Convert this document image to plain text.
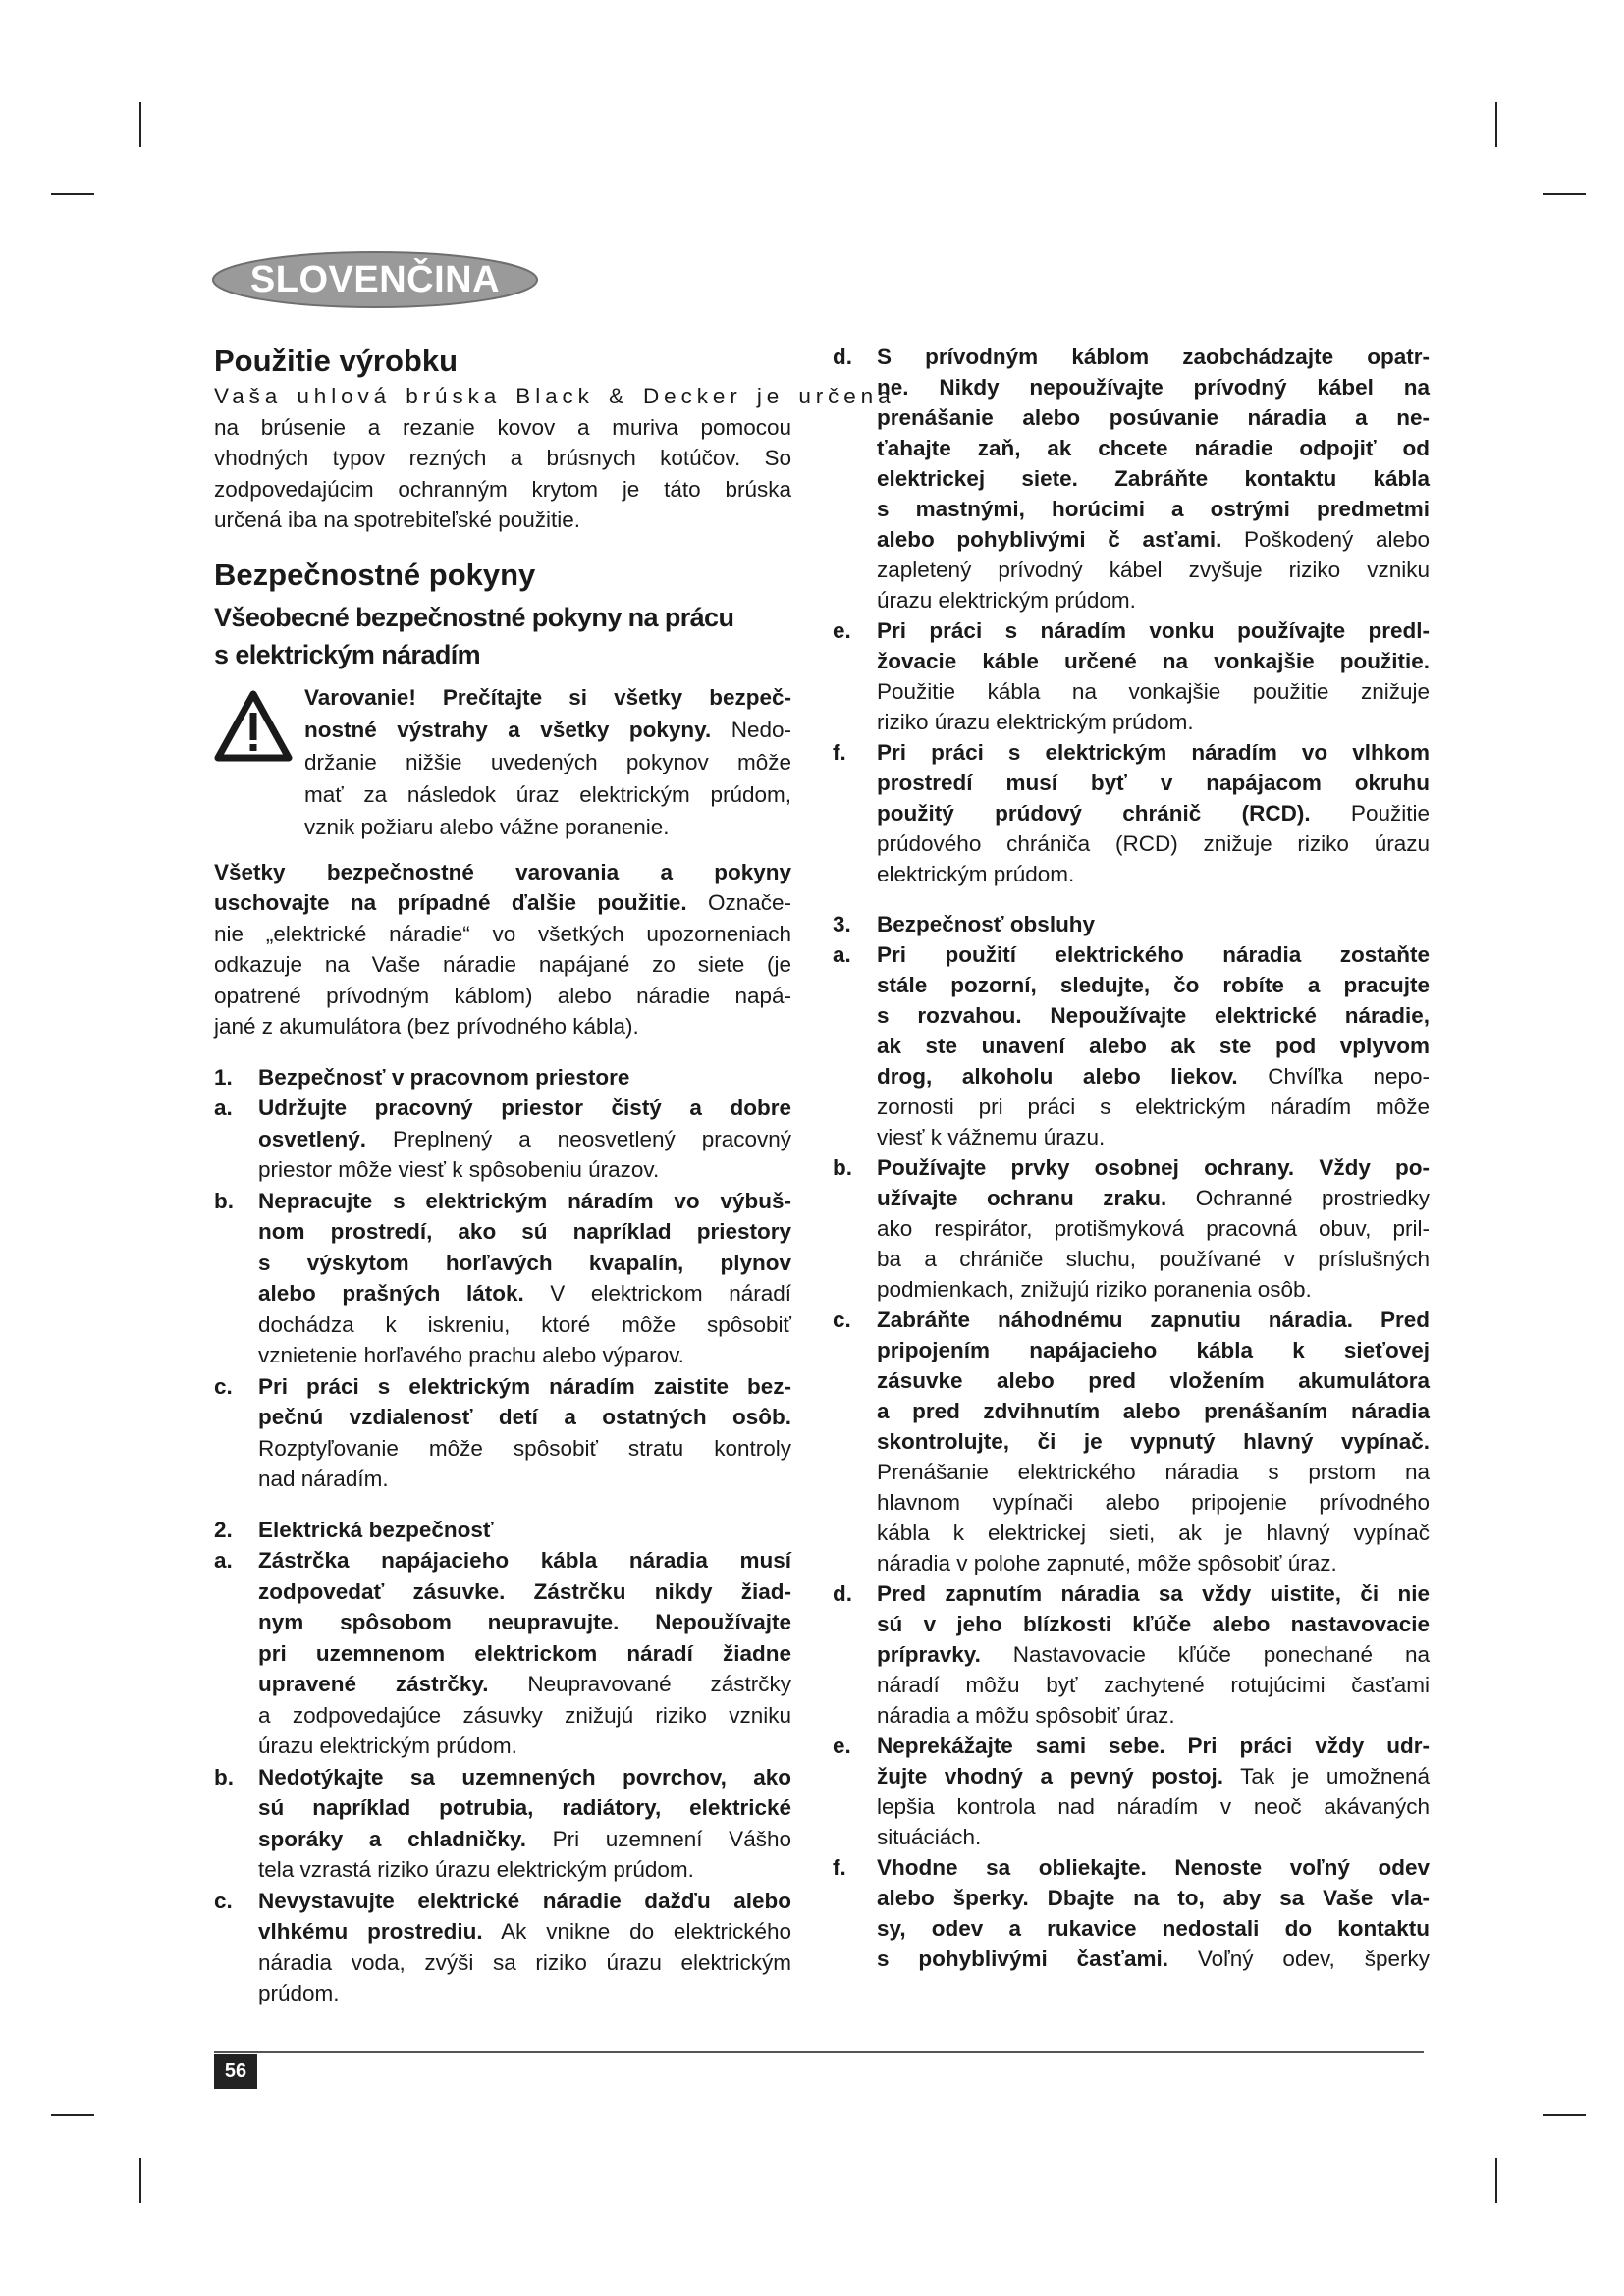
SLOVENČINA
Použitie výrobku
Vaša uhlová brúska Black & Decker je určena
na brúsenie a rezanie kovov a muriva pomocou
vhodných typov rezných a brúsnych kotúčov. So
zodpovedajúcim ochranným krytom je táto brúska
určená iba na spotrebiteľské použitie.
Bezpečnostné pokyny
Všeobecné bezpečnostné pokyny na prácu
s elektrickým náradím
Varovanie! Prečítajte si všetky bezpeč-
nostné výstrahy a všetky pokyny. Nedo-
držanie nižšie uvedených pokynov môže
mať za následok úraz elektrickým prúdom,
vznik požiaru alebo vážne poranenie.
Všetky bezpečnostné varovania a pokyny
uschovajte na prípadné ďalšie použitie. Označe-
nie „elektrické náradie“ vo všetkých upozorneniach
odkazuje na Vaše náradie napájané zo siete (je
opatrené prívodným káblom) alebo náradie napá-
jané z akumulátora (bez prívodného kábla).
1. Bezpečnosť v pracovnom priestore
a. Udržujte pracovný priestor čistý a dobre
osvetlený. Preplnený a neosvetlený pracovný
priestor môže viesť k spôsobeniu úrazov.
b. Nepracujte s elektrickým náradím vo výbuš-
nom prostredí, ako sú napríklad priestory
s výskytom horľavých kvapalín, plynov
alebo prašných látok. V elektrickom náradí
dochádza k iskreniu, ktoré môže spôsobiť
vznietenie horľavého prachu alebo výparov.
c. Pri práci s elektrickým náradím zaistite bez-
pečnú vzdialenosť detí a ostatných osôb.
Rozptyľovanie môže spôsobiť stratu kontroly
nad náradím.
2. Elektrická bezpečnosť
a. Zástrčka napájacieho kábla náradia musí
zodpovedať zásuvke. Zástrčku nikdy žiad-
nym spôsobom neupravujte. Nepoužívajte
pri uzemnenom elektrickom náradí žiadne
upravené zástrčky. Neupravované zástrčky
a zodpovedajúce zásuvky znižujú riziko vzniku
úrazu elektrickým prúdom.
b. Nedotýkajte sa uzemnených povrchov, ako
sú napríklad potrubia, radiátory, elektrické
sporáky a chladničky. Pri uzemnení Vášho
tela vzrastá riziko úrazu elektrickým prúdom.
c. Nevystavujte elektrické náradie dažďu alebo
vlhkému prostrediu. Ak vnikne do elektrického
náradia voda, zvýši sa riziko úrazu elektrickým
prúdom.
d. S prívodným káblom zaobchádzajte opatr-
ne. Nikdy nepoužívajte prívodný kábel na
prenášanie alebo posúvanie náradia a ne-
ťahajte zaň, ak chcete náradie odpojiť od
elektrickej siete. Zabráňte kontaktu kábla
s mastnými, horúcimi a ostrými predmetmi
alebo pohyblivými č asťami. Poškodený alebo
zapletený prívodný kábel zvyšuje riziko vzniku
úrazu elektrickým prúdom.
e. Pri práci s náradím vonku používajte predl-
žovacie káble určené na vonkajšie použitie.
Použitie kábla na vonkajšie použitie znižuje
riziko úrazu elektrickým prúdom.
f. Pri práci s elektrickým náradím vo vlhkom
prostredí musí byť v napájacom okruhu
použitý prúdový chránič (RCD). Použitie
prúdového chrániča (RCD) znižuje riziko úrazu
elektrickým prúdom.
3. Bezpečnosť obsluhy
a. Pri použití elektrického náradia zostaňte
stále pozorní, sledujte, čo robíte a pracujte
s rozvahou. Nepoužívajte elektrické náradie,
ak ste unavení alebo ak ste pod vplyvom
drog, alkoholu alebo liekov. Chvíľka nepo-
zornosti pri práci s elektrickým náradím môže
viesť k vážnemu úrazu.
b. Používajte prvky osobnej ochrany. Vždy po-
užívajte ochranu zraku. Ochranné prostriedky
ako respirátor, protišmyková pracovná obuv, pril-
ba a chrániče sluchu, používané v príslušných
podmienkach, znižujú riziko poranenia osôb.
c. Zabráňte náhodnému zapnutiu náradia. Pred
pripojením napájacieho kábla k sieťovej
zásuvke alebo pred vložením akumulátora
a pred zdvihnutím alebo prenášaním náradia
skontrolujte, či je vypnutý hlavný vypínač.
Prenášanie elektrického náradia s prstom na
hlavnom vypínači alebo pripojenie prívodného
kábla k elektrickej sieti, ak je hlavný vypínač
náradia v polohe zapnuté, môže spôsobiť úraz.
d. Pred zapnutím náradia sa vždy uistite, či nie
sú v jeho blízkosti kľúče alebo nastavovacie
prípravky. Nastavovacie kľúče ponechané na
náradí môžu byť zachytené rotujúcimi časťami
náradia a môžu spôsobiť úraz.
e. Neprekážajte sami sebe. Pri práci vždy udr-
žujte vhodný a pevný postoj. Tak je umožnená
lepšia kontrola nad náradím v neoč akávaných
situáciách.
f. Vhodne sa obliekajte. Nenoste voľný odev
alebo šperky. Dbajte na to, aby sa Vaše vla-
sy, odev a rukavice nedostali do kontaktu
s pohyblivými časťami. Voľný odev, šperky
56
